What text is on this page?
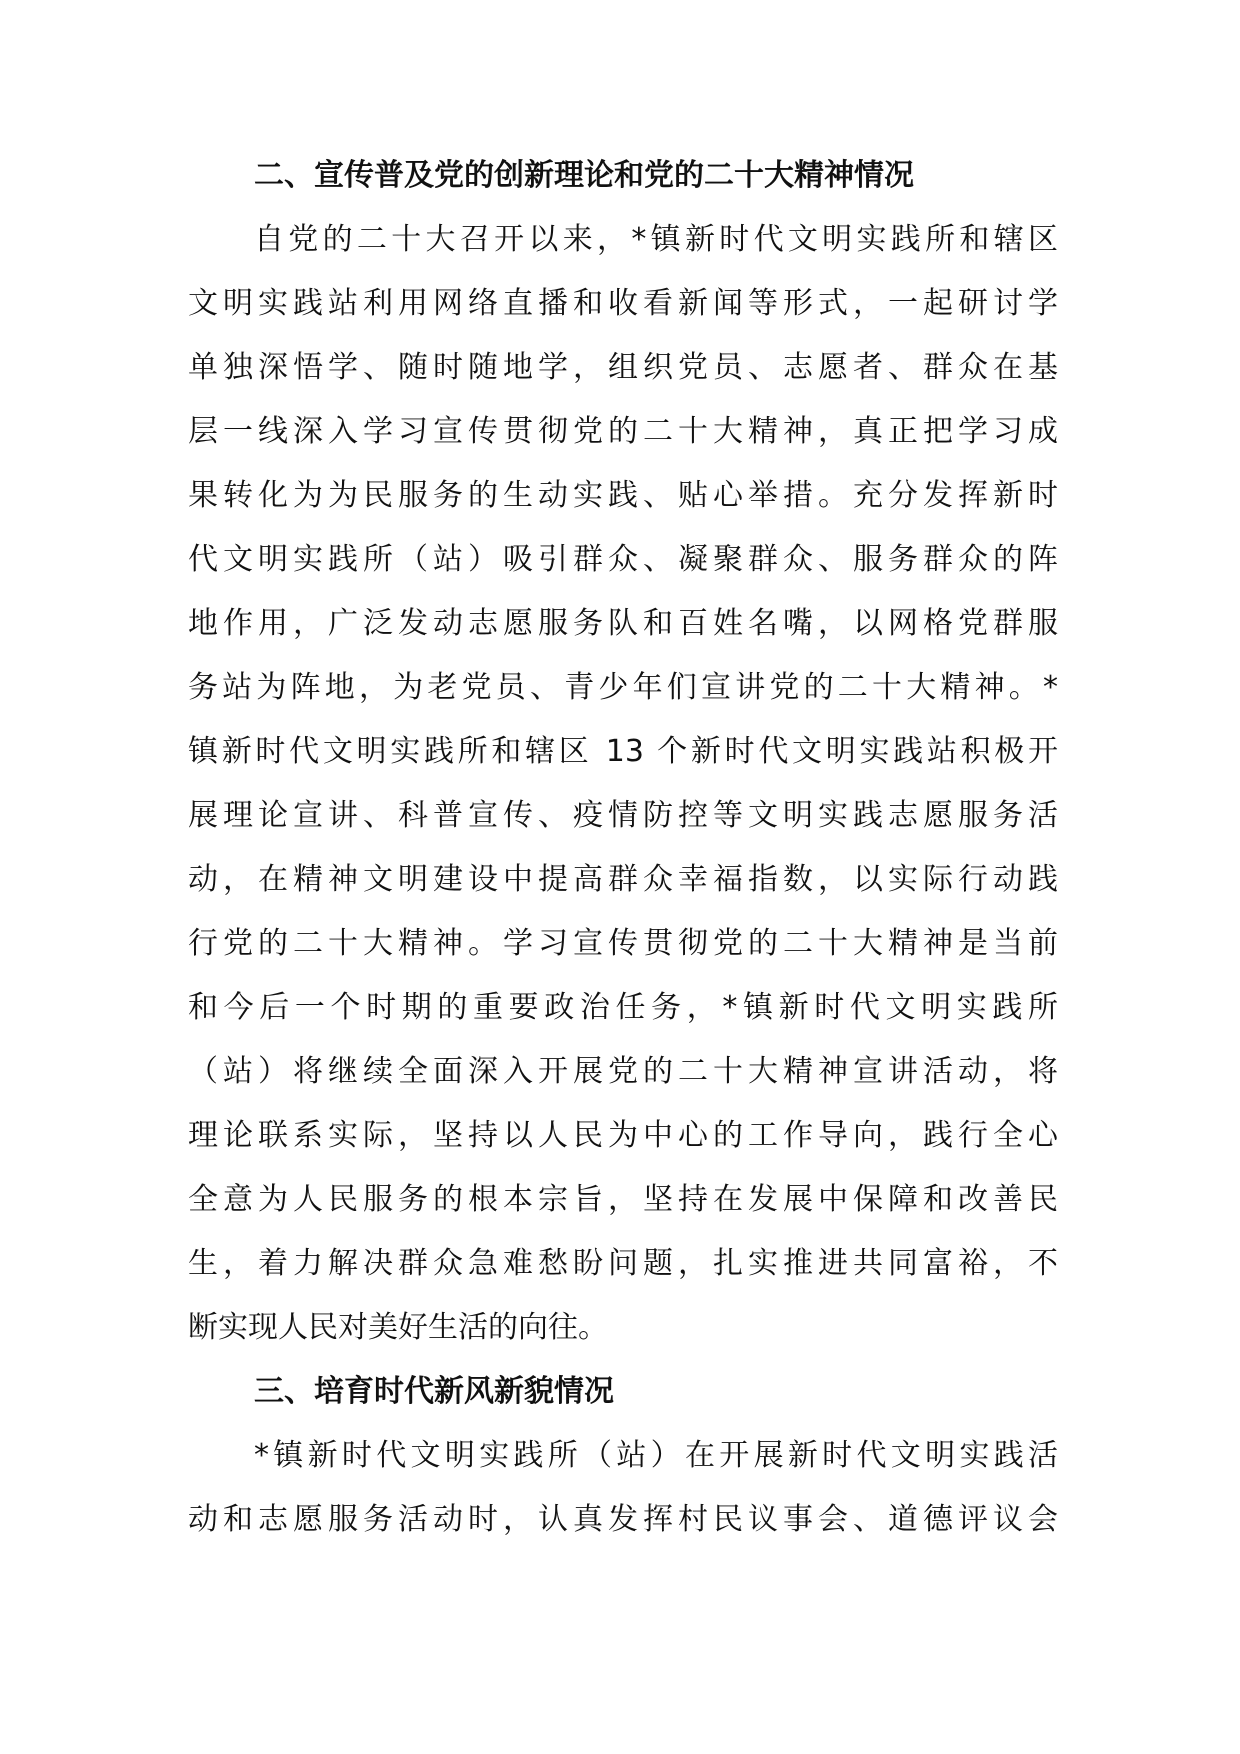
二、宣传普及党的创新理论和党的二十大精神情况
自党的二十大召开以来，*镇新时代文明实践所和辖区
文明实践站利用网络直播和收看新闻等形式，一起研讨学
单独深悟学、随时随地学，组织党员、志愿者、群众在基
层一线深入学习宣传贯彻党的二十大精神，真正把学习成
果转化为为民服务的生动实践、贴心举措。充分发挥新时
代文明实践所（站）吸引群众、凝聚群众、服务群众的阵
地作用，广泛发动志愿服务队和百姓名嘴，以网格党群服
务站为阵地，为老党员、青少年们宣讲党的二十大精神。*
镇新时代文明实践所和辖区 13 个新时代文明实践站积极开
展理论宣讲、科普宣传、疫情防控等文明实践志愿服务活
动，在精神文明建设中提高群众幸福指数，以实际行动践
行党的二十大精神。学习宣传贯彻党的二十大精神是当前
和今后一个时期的重要政治任务，*镇新时代文明实践所
（站）将继续全面深入开展党的二十大精神宣讲活动，将
理论联系实际，坚持以人民为中心的工作导向，践行全心
全意为人民服务的根本宗旨，坚持在发展中保障和改善民
生，着力解决群众急难愁盼问题，扎实推进共同富裕，不
断实现人民对美好生活的向往。
三、培育时代新风新貌情况
*镇新时代文明实践所（站）在开展新时代文明实践活
动和志愿服务活动时，认真发挥村民议事会、道德评议会
